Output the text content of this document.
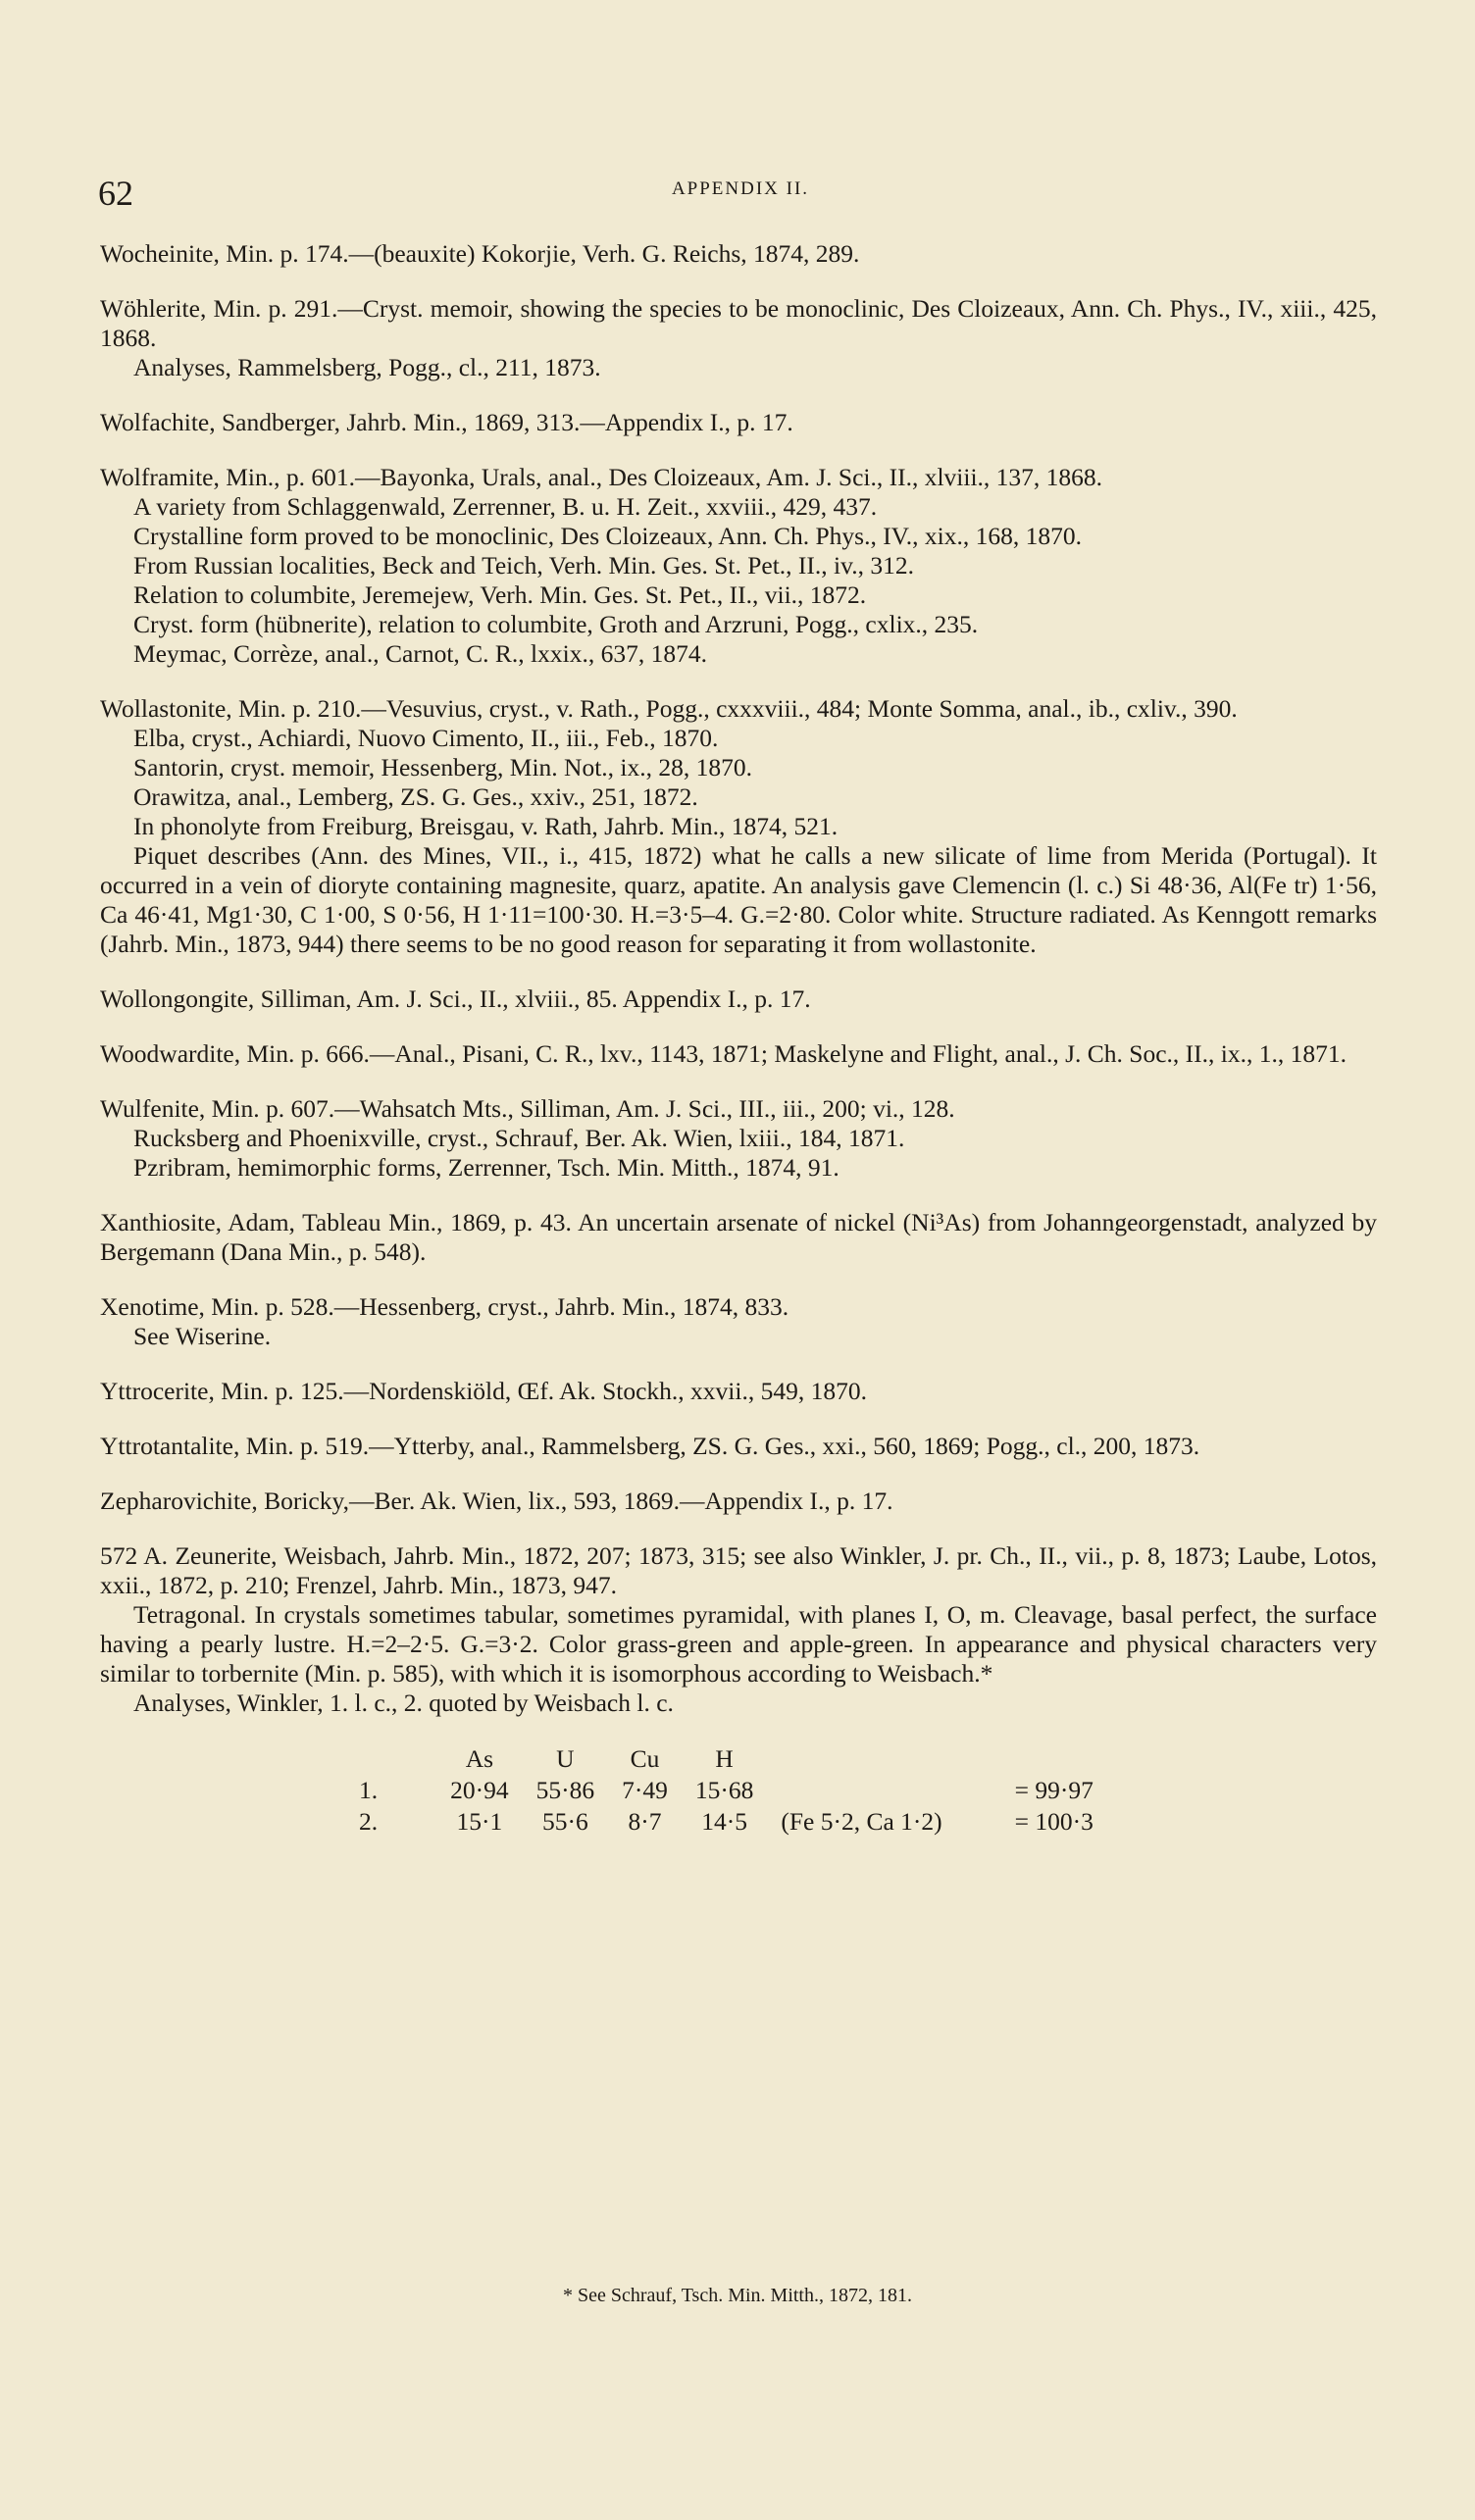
62	APPENDIX II.

Wocheinite, Min. p. 174.—(beauxite) Kokorjie, Verh. G. Reichs, 1874, 289.

Wöhlerite, Min. p. 291.—Cryst. memoir, showing the species to be monoclinic, Des Cloizeaux, Ann. Ch. Phys., IV., xiii., 425, 1868.

Analyses, Rammelsberg, Pogg., cl., 211, 1873.

Wolfachite, Sandberger, Jahrb. Min., 1869, 313.—Appendix I., p. 17.

Wolframite, Min., p. 601.—Bayonka, Urals, anal., Des Cloizeaux, Am. J. Sci., II., xlviii., 137, 1868.

A variety from Schlaggenwald, Zerrenner, B. u. H. Zeit., xxviii., 429, 437.

Crystalline form proved to be monoclinic, Des Cloizeaux, Ann. Ch. Phys., IV., xix., 168, 1870.

From Russian localities, Beck and Teich, Verh. Min. Ges. St. Pet., II., iv., 312.

Relation to columbite, Jeremejew, Verh. Min. Ges. St. Pet., II., vii., 1872.

Cryst. form (hübnerite), relation to columbite, Groth and Arzruni, Pogg., cxlix., 235.

Meymac, Corrèze, anal., Carnot, C. R., lxxix., 637, 1874.

Wollastonite, Min. p. 210.—Vesuvius, cryst., v. Rath., Pogg., cxxxviii., 484; Monte Somma, anal., ib., cxliv., 390.

Elba, cryst., Achiardi, Nuovo Cimento, II., iii., Feb., 1870.

Santorin, cryst. memoir, Hessenberg, Min. Not., ix., 28, 1870.

Orawitza, anal., Lemberg, ZS. G. Ges., xxiv., 251, 1872.

In phonolyte from Freiburg, Breisgau, v. Rath, Jahrb. Min., 1874, 521.

Piquet describes (Ann. des Mines, VII., i., 415, 1872) what he calls a new silicate of lime from Merida (Portugal). It occurred in a vein of dioryte containing magnesite, quarz, apatite. An analysis gave Clemencin (l. c.) Si 48·36, Al(Fe tr) 1·56, Ca 46·41, Mg1·30, C 1·00, S 0·56, H 1·11=100·30. H.=3·5–4. G.=2·80. Color white. Structure radiated. As Kenngott remarks (Jahrb. Min., 1873, 944) there seems to be no good reason for separating it from wollastonite.

Wollongongite, Silliman, Am. J. Sci., II., xlviii., 85. Appendix I., p. 17.

Woodwardite, Min. p. 666.—Anal., Pisani, C. R., lxv., 1143, 1871; Maskelyne and Flight, anal., J. Ch. Soc., II., ix., 1., 1871.

Wulfenite, Min. p. 607.—Wahsatch Mts., Silliman, Am. J. Sci., III., iii., 200; vi., 128.

Rucksberg and Phoenixville, cryst., Schrauf, Ber. Ak. Wien, lxiii., 184, 1871.

Pzribram, hemimorphic forms, Zerrenner, Tsch. Min. Mitth., 1874, 91.

Xanthiosite, Adam, Tableau Min., 1869, p. 43. An uncertain arsenate of nickel (Ni³As) from Johanngeorgenstadt, analyzed by Bergemann (Dana Min., p. 548).

Xenotime, Min. p. 528.—Hessenberg, cryst., Jahrb. Min., 1874, 833.

See Wiserine.

Yttrocerite, Min. p. 125.—Nordenskiöld, Œf. Ak. Stockh., xxvii., 549, 1870.

Yttrotantalite, Min. p. 519.—Ytterby, anal., Rammelsberg, ZS. G. Ges., xxi., 560, 1869; Pogg., cl., 200, 1873.

Zepharovichite, Boricky,—Ber. Ak. Wien, lix., 593, 1869.—Appendix I., p. 17.

572 A. Zeunerite, Weisbach, Jahrb. Min., 1872, 207; 1873, 315; see also Winkler, J. pr. Ch., II., vii., p. 8, 1873; Laube, Lotos, xxii., 1872, p. 210; Frenzel, Jahrb. Min., 1873, 947.

Tetragonal. In crystals sometimes tabular, sometimes pyramidal, with planes I, O, m. Cleavage, basal perfect, the surface having a pearly lustre. H.=2–2·5. G.=3·2. Color grass-green and apple-green. In appearance and physical characters very similar to torbernite (Min. p. 585), with which it is isomorphous according to Weisbach.*

Analyses, Winkler, 1. l. c., 2. quoted by Weisbach l. c.

	As	U	Cu	H		
1.	20·94	55·86	7·49	15·68		= 99·97
2.	15·1	55·6	8·7	14·5	(Fe 5·2, Ca 1·2)	= 100·3
* See Schrauf, Tsch. Min. Mitth., 1872, 181.
